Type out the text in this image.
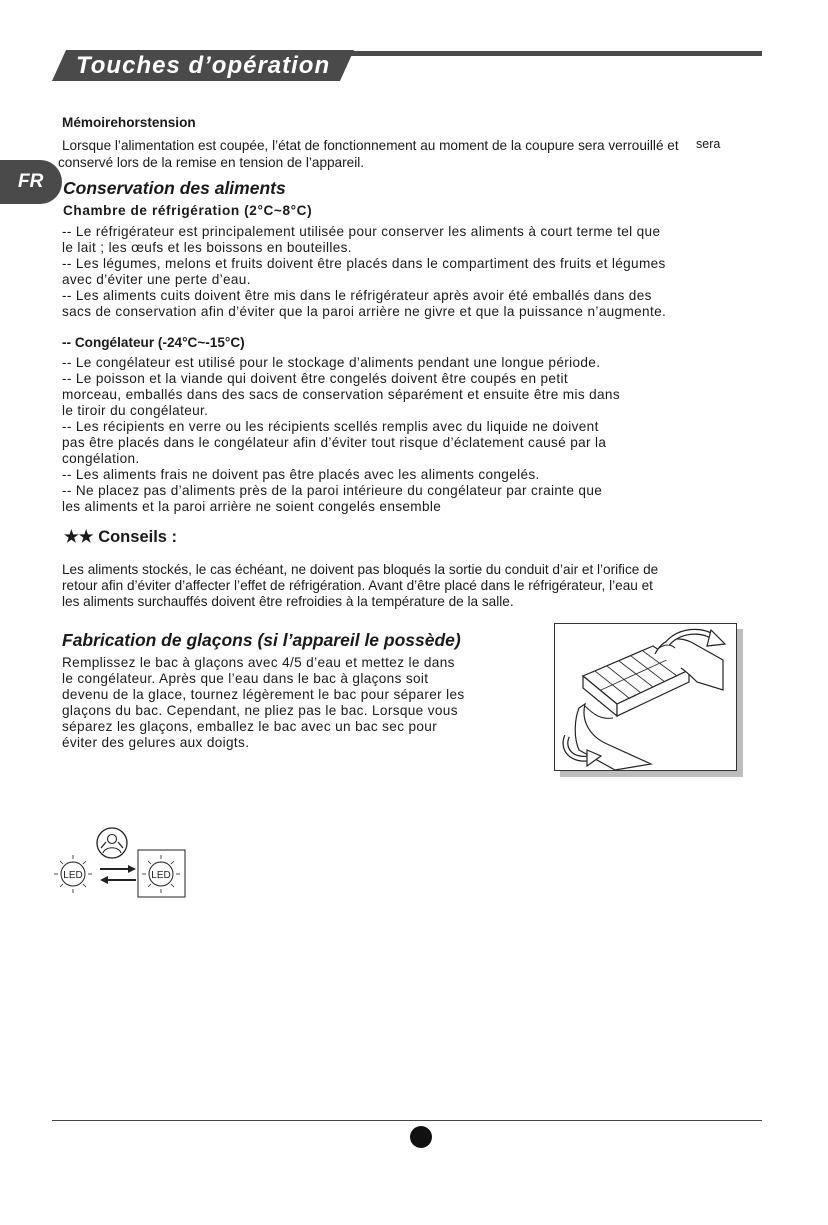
Touches d’opération
Mémoirehorstension
Lorsque l’alimentation est coupée, l’état de fonctionnement au moment de la coupure sera verrouillé et sera
conservé lors de la remise en tension de l’appareil.
FR Conservation des aliments
Chambre de réfrigération (2°C~8°C)
-- Le réfrigérateur est principalement utilisée pour conserver les aliments à court terme tel que
le lait ; les œufs et les boissons en bouteilles.
-- Les légumes, melons et fruits doivent être placés dans le compartiment des fruits et légumes
avec d’éviter une perte d’eau.
-- Les aliments cuits doivent être mis dans le réfrigérateur après avoir été emballés dans des
sacs de conservation afin d’éviter que la paroi arrière ne givre et que la puissance n’augmente.
-- Congélateur (-24°C~-15°C)
-- Le congélateur est utilisé pour le stockage d’aliments pendant une longue période.
-- Le poisson et la viande qui doivent être congelés doivent être coupés en petit
morceau, emballés dans des sacs de conservation séparément et ensuite être mis dans
le tiroir du congélateur.
-- Les récipients en verre ou les récipients scellés remplis avec du liquide ne doivent
pas être placés dans le congélateur afin d’éviter tout risque d’éclatement causé par la
congélation.
-- Les aliments frais ne doivent pas être placés avec les aliments congelés.
-- Ne placez pas d’aliments près de la paroi intérieure du congélateur par crainte que
les aliments et la paroi arrière ne soient congelés ensemble
★★ Conseils :
Les aliments stockés, le cas échéant, ne doivent pas bloqués la sortie du conduit d’air et l’orifice de
retour afin d’éviter d’affecter l’effet de réfrigération. Avant d’être placé dans le réfrigérateur, l’eau et
les aliments surchauffés doivent être refroidies à la température de la salle.
Fabrication de glaçons (si l’appareil le possède)
Remplissez le bac à glaçons avec 4/5 d’eau et mettez le dans
le congélateur. Après que l’eau dans le bac à glaçons soit
devenu de la glace, tournez légèrement le bac pour séparer les
glaçons du bac. Cependant, ne pliez pas le bac. Lorsque vous
séparez les glaçons, emballez le bac avec un bac sec pour
éviter des gelures aux doigts.
LED	LED
